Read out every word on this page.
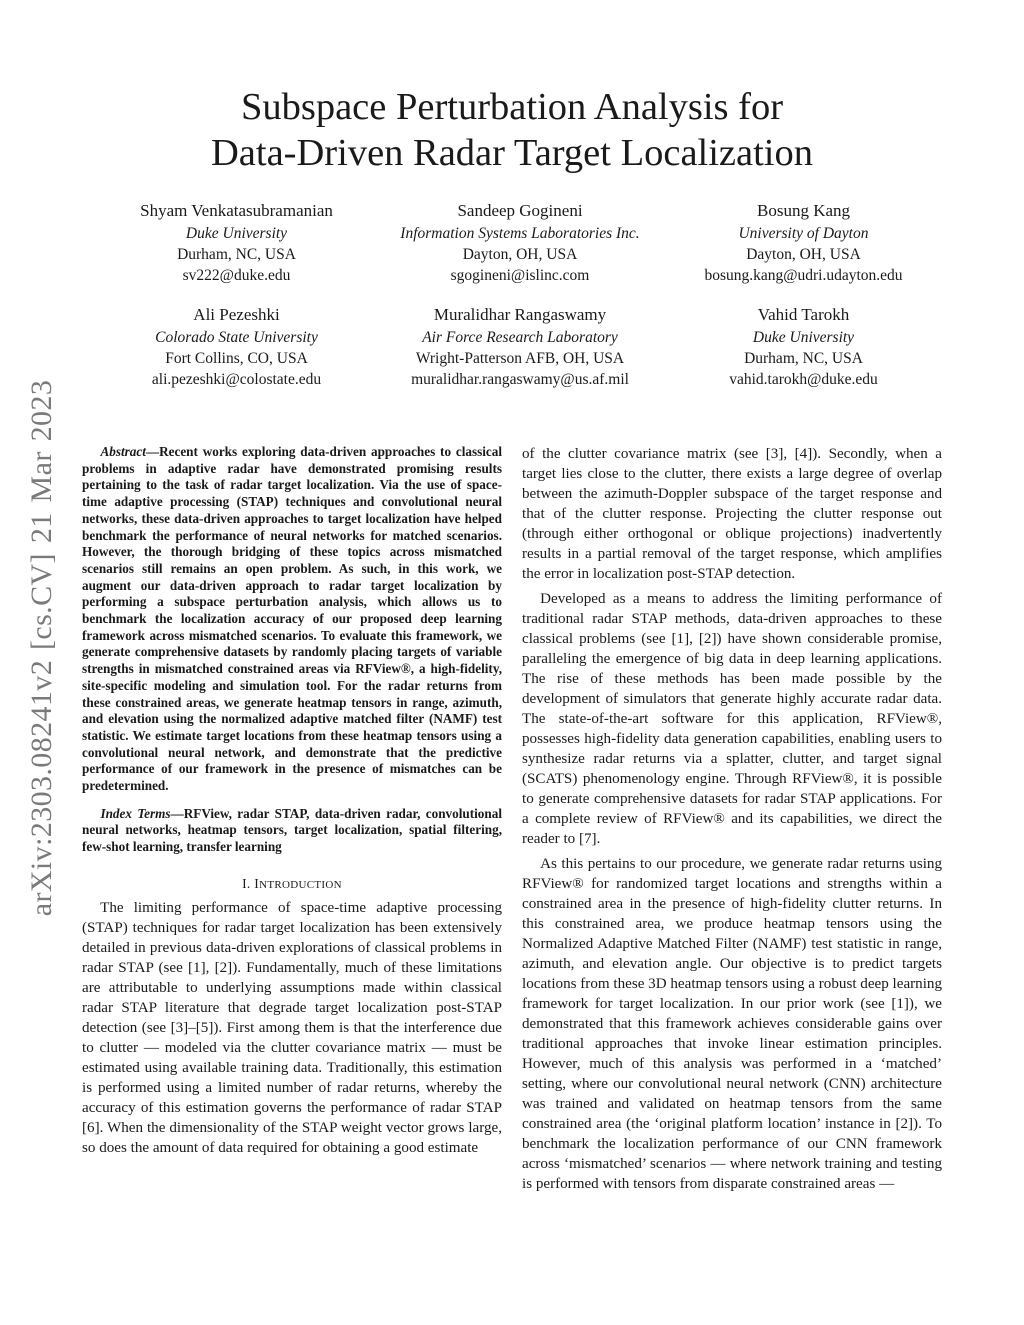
arXiv:2303.08241v2 [cs.CV] 21 Mar 2023
Subspace Perturbation Analysis for
Data-Driven Radar Target Localization
Shyam Venkatasubramanian
Duke University
Durham, NC, USA
sv222@duke.edu
Sandeep Gogineni
Information Systems Laboratories Inc.
Dayton, OH, USA
sgogineni@islinc.com
Bosung Kang
University of Dayton
Dayton, OH, USA
bosung.kang@udri.udayton.edu
Ali Pezeshki
Colorado State University
Fort Collins, CO, USA
ali.pezeshki@colostate.edu
Muralidhar Rangaswamy
Air Force Research Laboratory
Wright-Patterson AFB, OH, USA
muralidhar.rangaswamy@us.af.mil
Vahid Tarokh
Duke University
Durham, NC, USA
vahid.tarokh@duke.edu

Abstract—Recent works exploring data-driven approaches to classical problems in adaptive radar have demonstrated promising results pertaining to the task of radar target localization. Via the use of space-time adaptive processing (STAP) techniques and convolutional neural networks, these data-driven approaches to target localization have helped benchmark the performance of neural networks for matched scenarios. However, the thorough bridging of these topics across mismatched scenarios still remains an open problem. As such, in this work, we augment our data-driven approach to radar target localization by performing a subspace perturbation analysis, which allows us to benchmark the localization accuracy of our proposed deep learning framework across mismatched scenarios. To evaluate this framework, we generate comprehensive datasets by randomly placing targets of variable strengths in mismatched constrained areas via RFView®, a high-fidelity, site-specific modeling and simulation tool. For the radar returns from these constrained areas, we generate heatmap tensors in range, azimuth, and elevation using the normalized adaptive matched filter (NAMF) test statistic. We estimate target locations from these heatmap tensors using a convolutional neural network, and demonstrate that the predictive performance of our framework in the presence of mismatches can be predetermined.

Index Terms—RFView, radar STAP, data-driven radar, convolutional neural networks, heatmap tensors, target localization, spatial filtering, few-shot learning, transfer learning

I. INTRODUCTION

The limiting performance of space-time adaptive processing (STAP) techniques for radar target localization has been extensively detailed in previous data-driven explorations of classical problems in radar STAP (see [1], [2]). Fundamentally, much of these limitations are attributable to underlying assumptions made within classical radar STAP literature that degrade target localization post-STAP detection (see [3]–[5]). First among them is that the interference due to clutter — modeled via the clutter covariance matrix — must be estimated using available training data. Traditionally, this estimation is performed using a limited number of radar returns, whereby the accuracy of this estimation governs the performance of radar STAP [6]. When the dimensionality of the STAP weight vector grows large, so does the amount of data required for obtaining a good estimate

of the clutter covariance matrix (see [3], [4]). Secondly, when a target lies close to the clutter, there exists a large degree of overlap between the azimuth-Doppler subspace of the target response and that of the clutter response. Projecting the clutter response out (through either orthogonal or oblique projections) inadvertently results in a partial removal of the target response, which amplifies the error in localization post-STAP detection.

Developed as a means to address the limiting performance of traditional radar STAP methods, data-driven approaches to these classical problems (see [1], [2]) have shown considerable promise, paralleling the emergence of big data in deep learning applications. The rise of these methods has been made possible by the development of simulators that generate highly accurate radar data. The state-of-the-art software for this application, RFView®, possesses high-fidelity data generation capabilities, enabling users to synthesize radar returns via a splatter, clutter, and target signal (SCATS) phenomenology engine. Through RFView®, it is possible to generate comprehensive datasets for radar STAP applications. For a complete review of RFView® and its capabilities, we direct the reader to [7].

As this pertains to our procedure, we generate radar returns using RFView® for randomized target locations and strengths within a constrained area in the presence of high-fidelity clutter returns. In this constrained area, we produce heatmap tensors using the Normalized Adaptive Matched Filter (NAMF) test statistic in range, azimuth, and elevation angle. Our objective is to predict targets locations from these 3D heatmap tensors using a robust deep learning framework for target localization. In our prior work (see [1]), we demonstrated that this framework achieves considerable gains over traditional approaches that invoke linear estimation principles. However, much of this analysis was performed in a ‘matched’ setting, where our convolutional neural network (CNN) architecture was trained and validated on heatmap tensors from the same constrained area (the ‘original platform location’ instance in [2]). To benchmark the localization performance of our CNN framework across ‘mismatched’ scenarios — where network training and testing is performed with tensors from disparate constrained areas —
